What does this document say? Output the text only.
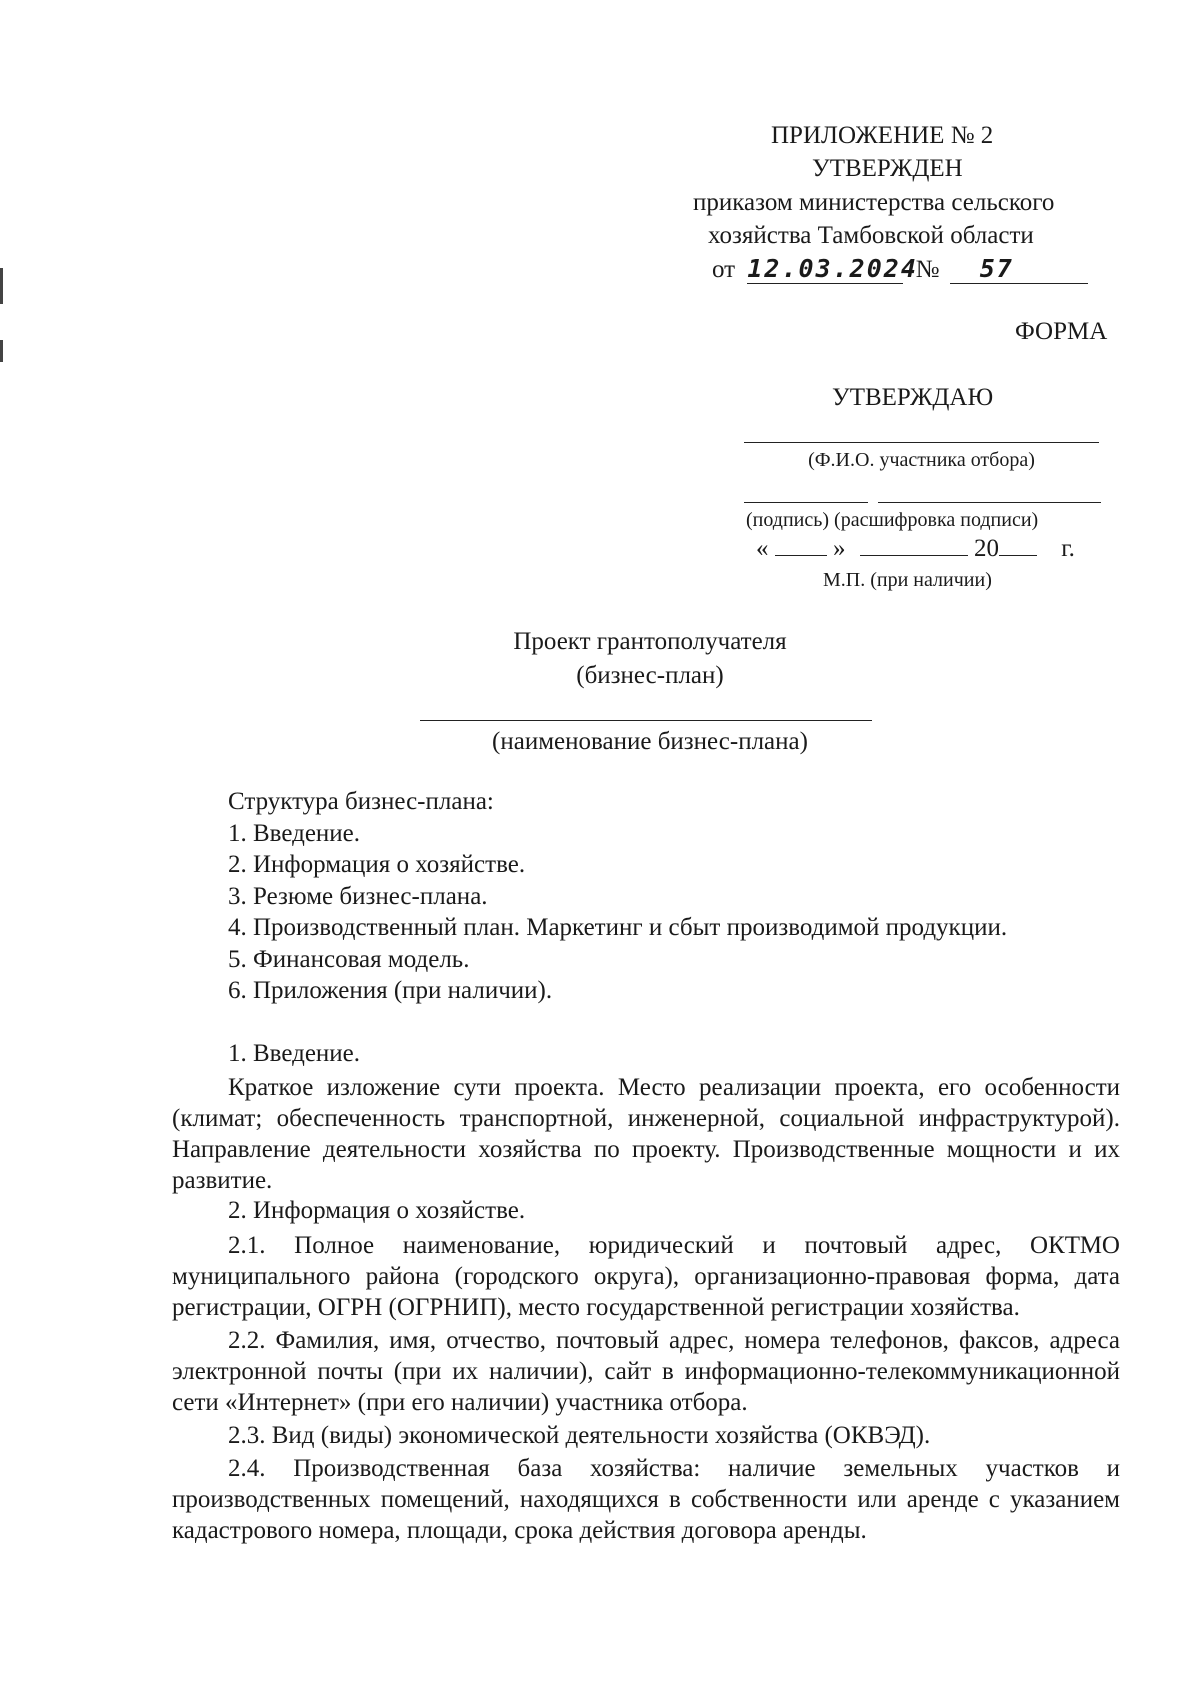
ПРИЛОЖЕНИЕ № 2
УТВЕРЖДЕН
приказом министерства сельского
хозяйства Тамбовской области
от 12.03.2024 № 57
ФОРМА
УТВЕРЖДАЮ
(Ф.И.О. участника отбора)
(подпись) (расшифровка подписи)
«	»	20 г.
М.П. (при наличии)
Проект грантополучателя
(бизнес-план)
(наименование бизнес-плана)
Структура бизнес-плана:
1. Введение.
2. Информация о хозяйстве.
3. Резюме бизнес-плана.
4. Производственный план. Маркетинг и сбыт производимой продукции.
5. Финансовая модель.
6. Приложения (при наличии).
1. Введение.

Краткое изложение сути проекта. Место реализации проекта, его особенности (климат; обеспеченность транспортной, инженерной, социальной инфраструктурой). Направление деятельности хозяйства по проекту. Производственные мощности и их развитие.

2. Информация о хозяйстве.

2.1. Полное наименование, юридический и почтовый адрес, ОКТМО муниципального района (городского округа), организационно-правовая форма, дата регистрации, ОГРН (ОГРНИП), место государственной регистрации хозяйства.

2.2. Фамилия, имя, отчество, почтовый адрес, номера телефонов, факсов, адреса электронной почты (при их наличии), сайт в информационно-телекоммуникационной сети «Интернет» (при его наличии) участника отбора.

2.3. Вид (виды) экономической деятельности хозяйства (ОКВЭД).

2.4. Производственная база хозяйства: наличие земельных участков и производственных помещений, находящихся в собственности или аренде с указанием кадастрового номера, площади, срока действия договора аренды.
